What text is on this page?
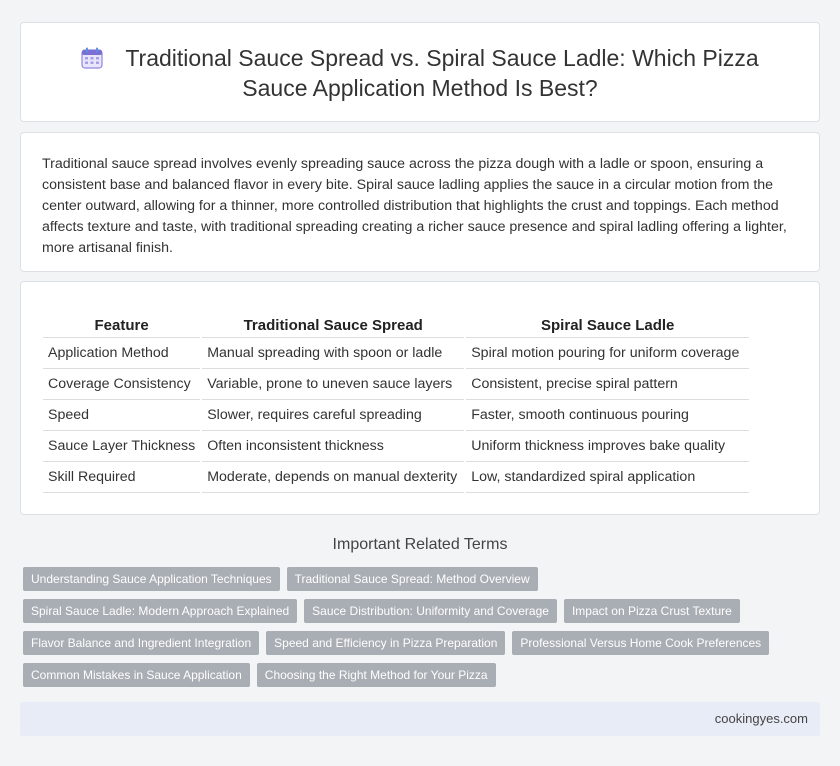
Traditional Sauce Spread vs. Spiral Sauce Ladle: Which Pizza Sauce Application Method Is Best?

Traditional sauce spread involves evenly spreading sauce across the pizza dough with a ladle or spoon, ensuring a consistent base and balanced flavor in every bite. Spiral sauce ladling applies the sauce in a circular motion from the center outward, allowing for a thinner, more controlled distribution that highlights the crust and toppings. Each method affects texture and taste, with traditional spreading creating a richer sauce presence and spiral ladling offering a lighter, more artisanal finish.

Feature	Traditional Sauce Spread	Spiral Sauce Ladle
Application Method	Manual spreading with spoon or ladle	Spiral motion pouring for uniform coverage
Coverage Consistency	Variable, prone to uneven sauce layers	Consistent, precise spiral pattern
Speed	Slower, requires careful spreading	Faster, smooth continuous pouring
Sauce Layer Thickness	Often inconsistent thickness	Uniform thickness improves bake quality
Skill Required	Moderate, depends on manual dexterity	Low, standardized spiral application
Important Related Terms
Understanding Sauce Application Techniques	Traditional Sauce Spread: Method Overview
Spiral Sauce Ladle: Modern Approach Explained	Sauce Distribution: Uniformity and Coverage	Impact on Pizza Crust Texture
Flavor Balance and Ingredient Integration	Speed and Efficiency in Pizza Preparation	Professional Versus Home Cook Preferences
Common Mistakes in Sauce Application	Choosing the Right Method for Your Pizza
cookingyes.com
